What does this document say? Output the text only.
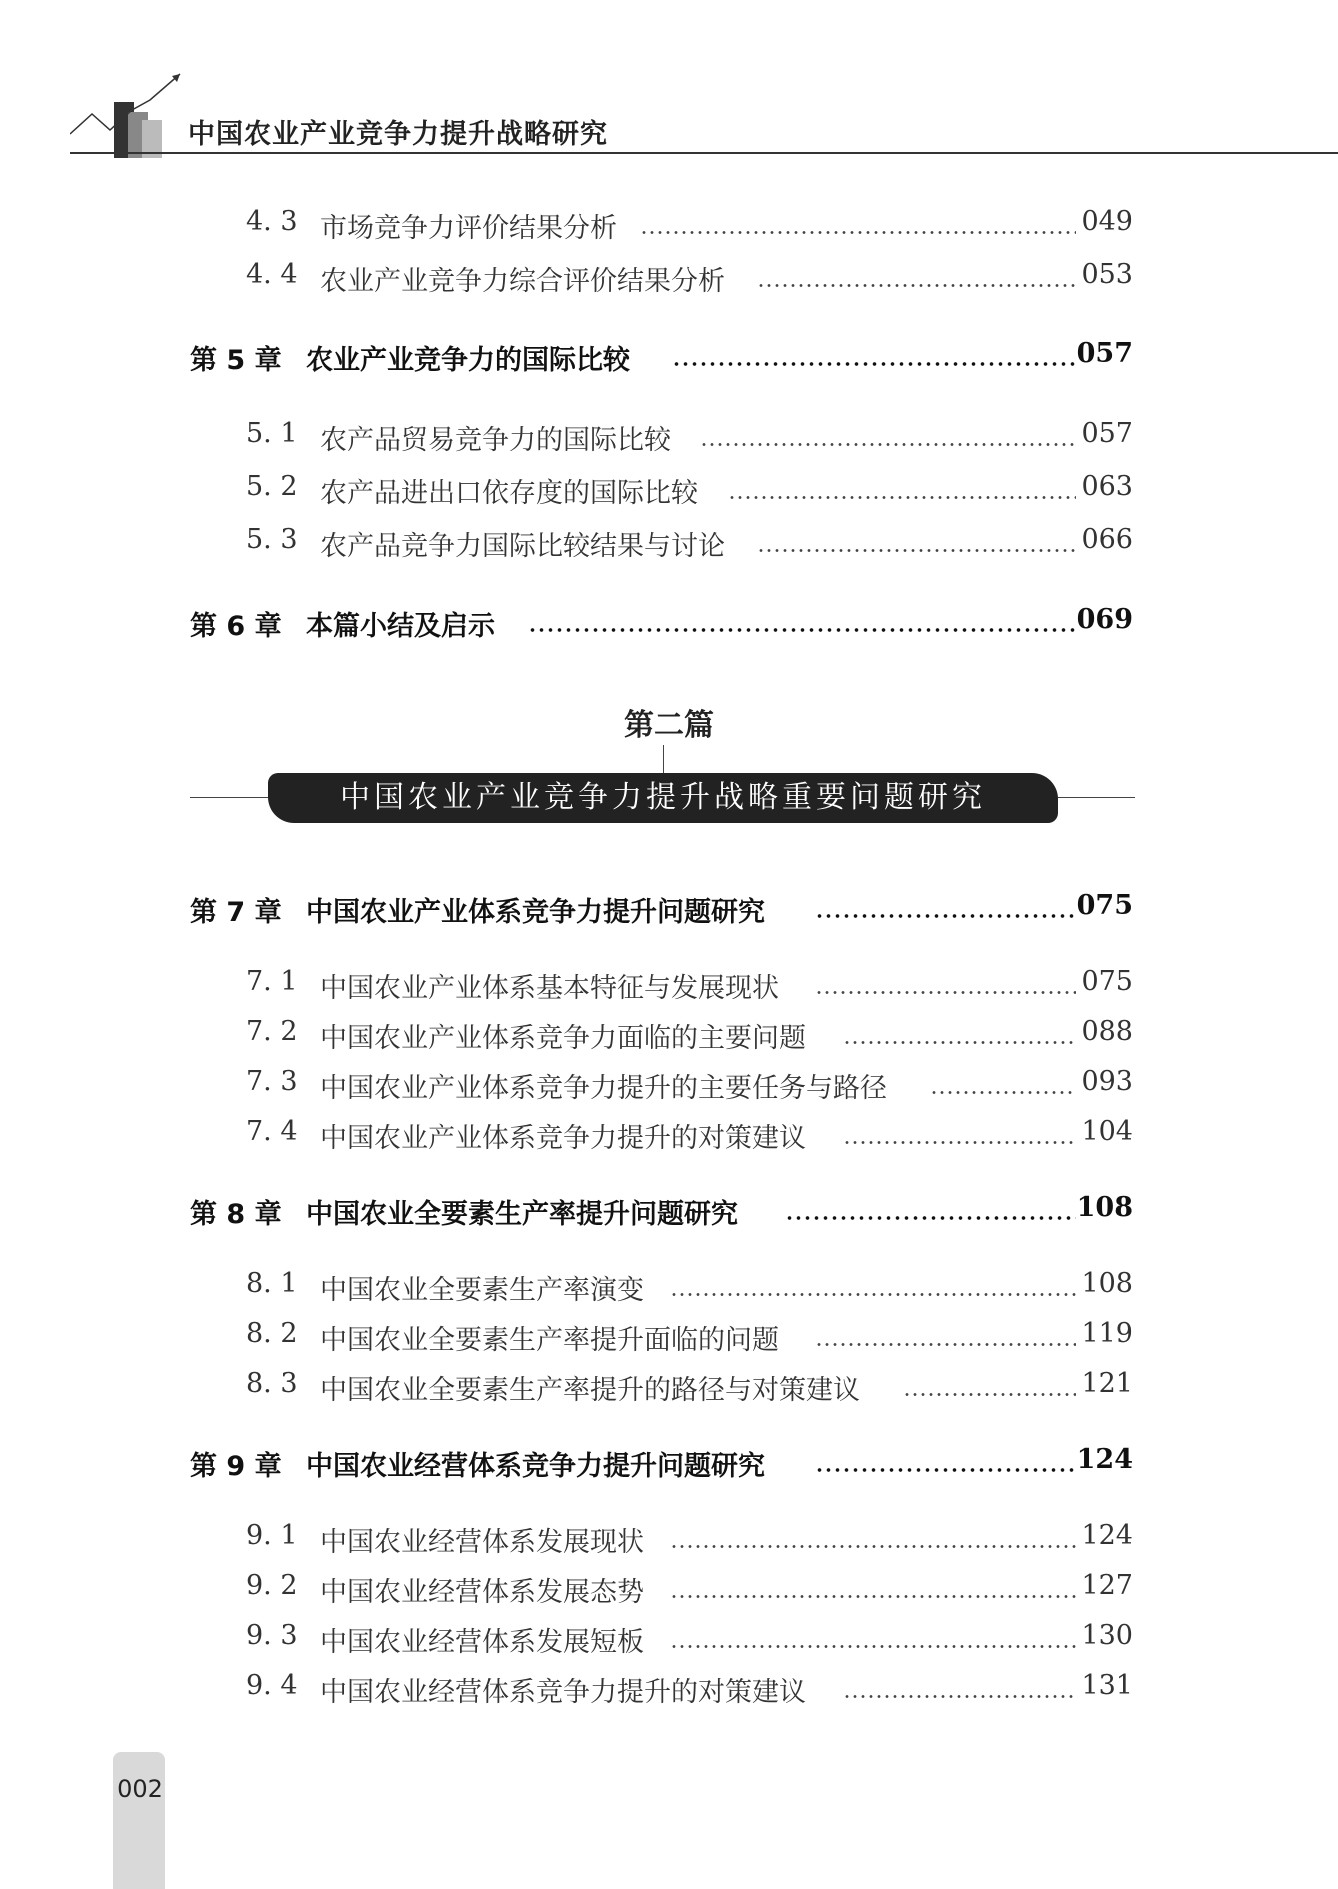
中国农业产业竞争力提升战略研究
4. 3 市场竞争力评价结果分析	049
4. 4 农业产业竞争力综合评价结果分析	053
第 5 章 农业产业竞争力的国际比较	057
5. 1 农产品贸易竞争力的国际比较	057
5. 2 农产品进出口依存度的国际比较	063
5. 3 农产品竞争力国际比较结果与讨论	066
第 6 章 本篇小结及启示	069
第二篇
中国农业产业竞争力提升战略重要问题研究
第 7 章 中国农业产业体系竞争力提升问题研究	075
7. 1 中国农业产业体系基本特征与发展现状	075
7. 2 中国农业产业体系竞争力面临的主要问题	088
7. 3 中国农业产业体系竞争力提升的主要任务与路径	093
7. 4 中国农业产业体系竞争力提升的对策建议	104
第 8 章 中国农业全要素生产率提升问题研究	108
8. 1 中国农业全要素生产率演变	108
8. 2 中国农业全要素生产率提升面临的问题	119
8. 3 中国农业全要素生产率提升的路径与对策建议	121
第 9 章 中国农业经营体系竞争力提升问题研究	124
9. 1 中国农业经营体系发展现状	124
9. 2 中国农业经营体系发展态势	127
9. 3 中国农业经营体系发展短板	130
9. 4 中国农业经营体系竞争力提升的对策建议	131
002
